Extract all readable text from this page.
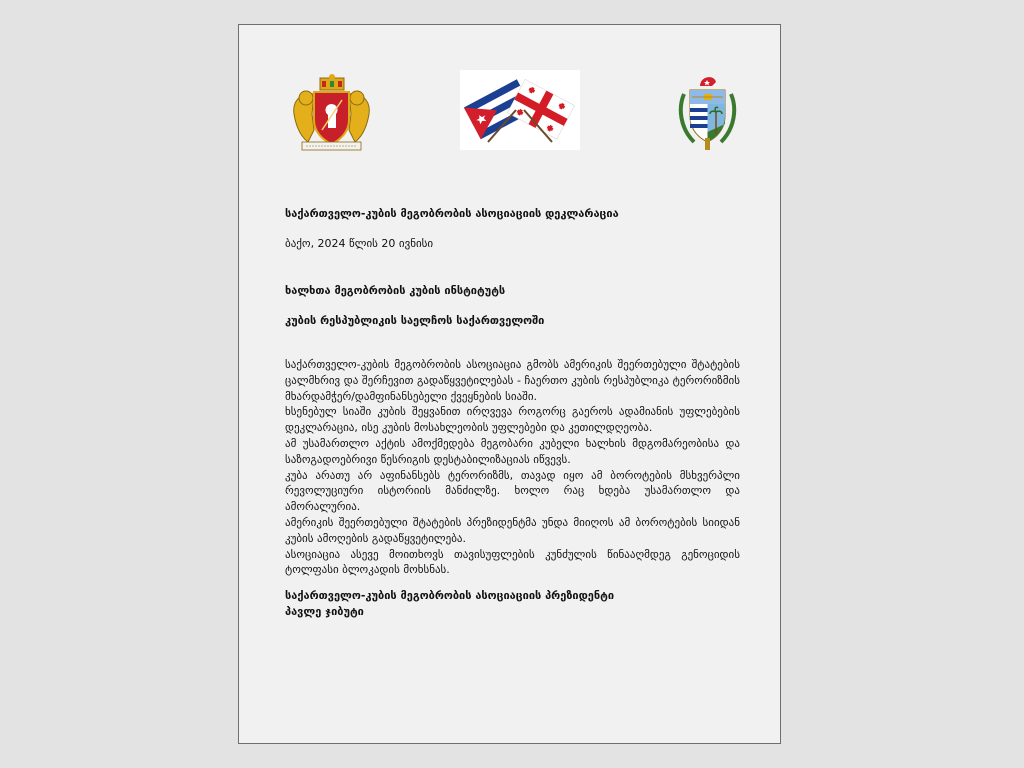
საქართველო-კუბის მეგობრობის ასოციაციის დეკლარაცია

ბაქო, 2024 წლის 20 ივნისი

ხალხთა მეგობრობის კუბის ინსტიტუტს

კუბის რესპუბლიკის საელჩოს საქართველოში

საქართველო-კუბის მეგობრობის ასოციაცია გმობს ამერიკის შეერთებული შტატების ცალმხრივ და შერჩევით გადაწყვეტილებას - ჩაერთო კუბის რესპუბლიკა ტერორიზმის მხარდამჭერ/დამფინანსებელი ქვეყნების სიაში.

ხსენებულ სიაში კუბის შეყვანით ირღვევა როგორც გაეროს ადამიანის უფლებების დეკლარაცია, ისე კუბის მოსახლეობის უფლებები და კეთილდღეობა.

ამ უსამართლო აქტის ამოქმედება მეგობარი კუბელი ხალხის მდგომარეობისა და საზოგადოებრივი წესრიგის დესტაბილიზაციას იწვევს.

კუბა არათუ არ აფინანსებს ტერორიზმს, თავად იყო ამ ბოროტების მსხვერპლი რევოლუციური ისტორიის მანძილზე. ხოლო რაც ხდება უსამართლო და ამორალურია.

ამერიკის შეერთებული შტატების პრეზიდენტმა უნდა მიიღოს ამ ბოროტების სიიდან კუბის ამოღების გადაწყვეტილება.

ასოციაცია ასევე მოითხოვს თავისუფლების კუნძულის წინააღმდეგ გენოციდის ტოლფასი ბლოკადის მოხსნას.

საქართველო-კუბის მეგობრობის ასოციაციის პრეზიდენტი

პავლე ჯიბუტი
